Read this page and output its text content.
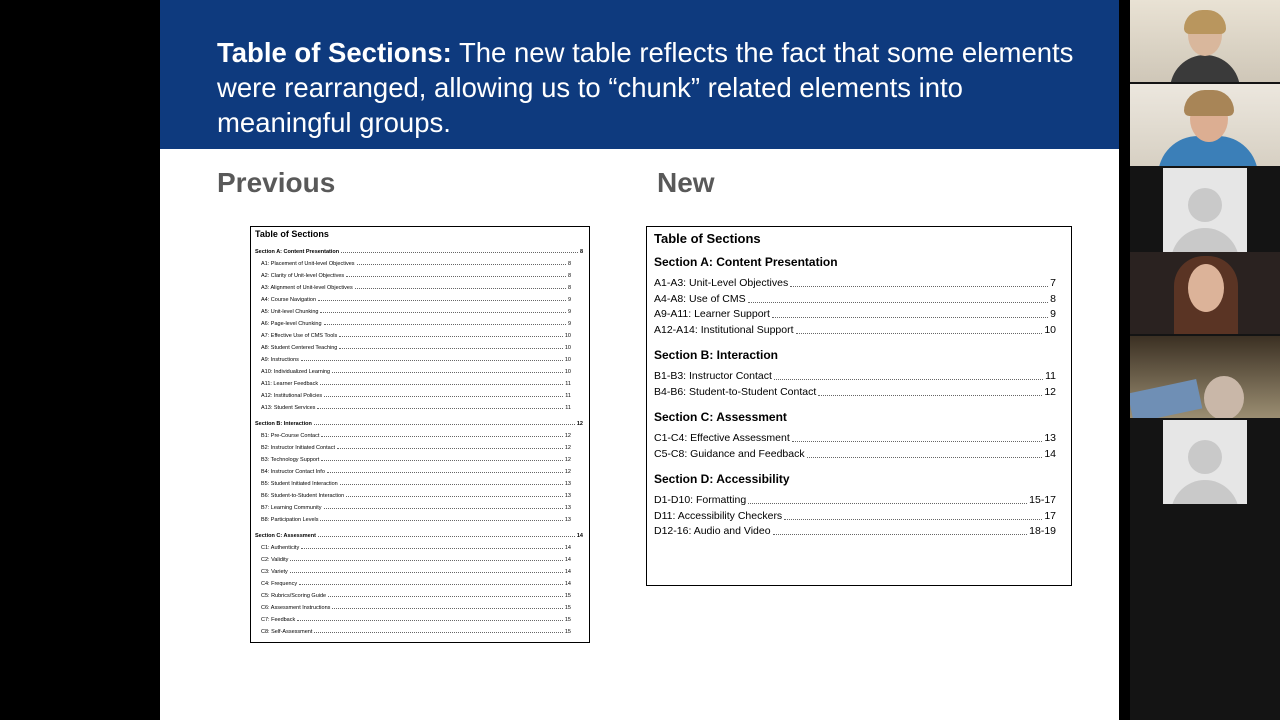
Table of Sections: The new table reflects the fact that some elements were rearranged, allowing us to “chunk” related elements into meaningful groups.
Previous	New
Table of Sections
Section A: Content Presentation	8
A1: Placement of Unit-level Objectives	8
A2: Clarity of Unit-level Objectives	8
A3: Alignment of Unit-level Objectives	8
A4: Course Navigation	9
A5: Unit-level Chunking	9
A6: Page-level Chunking	9
A7: Effective Use of CMS Tools	10
A8: Student Centered Teaching	10
A9: Instructions	10
A10: Individualized Learning	10
A11: Learner Feedback	11
A12: Institutional Policies	11
A13: Student Services	11
Section B: Interaction	12
B1: Pre-Course Contact	12
B2: Instructor Initiated Contact	12
B3: Technology Support	12
B4: Instructor Contact Info	12
B5: Student Initiated Interaction	13
B6: Student-to-Student Interaction	13
B7: Learning Community	13
B8: Participation Levels	13
Section C: Assessment	14
C1: Authenticity	14
C2: Validity	14
C3: Variety	14
C4: Frequency	14
C5: Rubrics/Scoring Guide	15
C6: Assessment Instructions	15
C7: Feedback	15
C8: Self-Assessment	15
Table of Sections
Section A: Content Presentation
A1-A3: Unit-Level Objectives	7
A4-A8: Use of CMS	8
A9-A11: Learner Support	9
A12-A14: Institutional Support	10
Section B: Interaction
B1-B3: Instructor Contact	11
B4-B6: Student-to-Student Contact	12
Section C: Assessment
C1-C4: Effective Assessment	13
C5-C8: Guidance and Feedback	14
Section D: Accessibility
D1-D10: Formatting	15-17
D11: Accessibility Checkers	17
D12-16: Audio and Video	18-19
